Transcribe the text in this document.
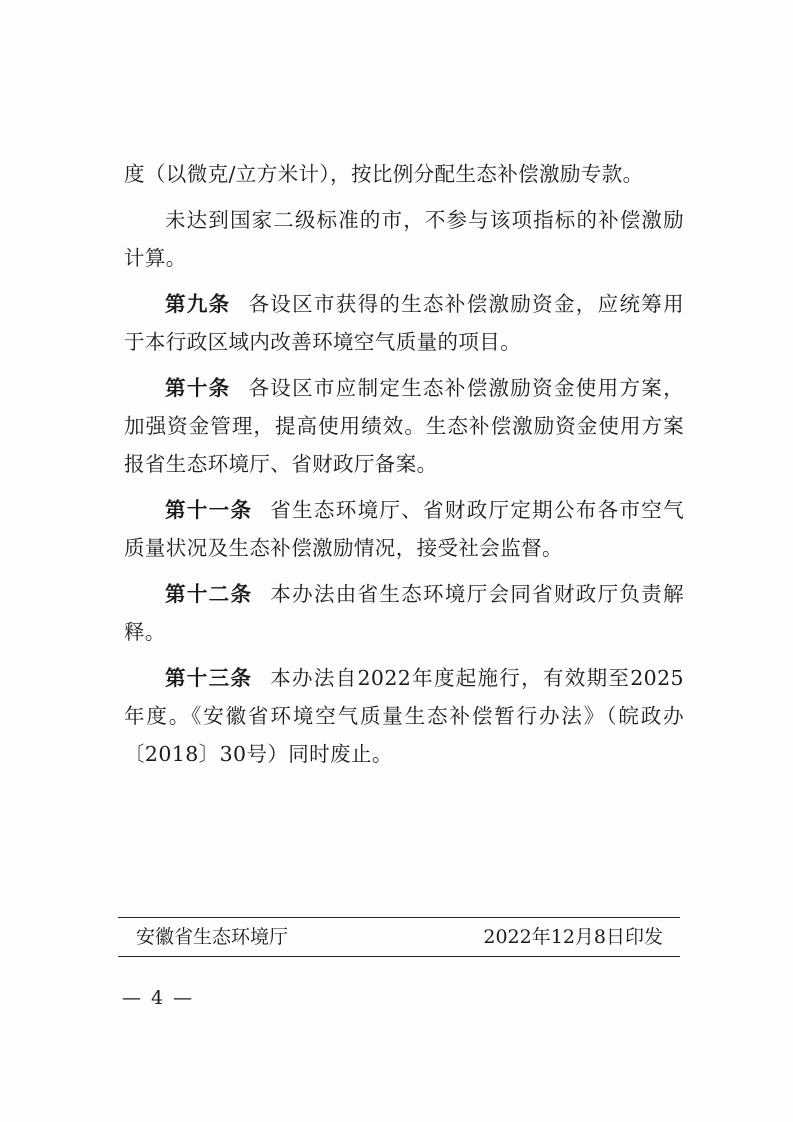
度（以微克/立方米计），按比例分配生态补偿激励专款。

未达到国家二级标准的市，不参与该项指标的补偿激励计算。

第九条 各设区市获得的生态补偿激励资金，应统筹用于本行政区域内改善环境空气质量的项目。

第十条 各设区市应制定生态补偿激励资金使用方案，加强资金管理，提高使用绩效。生态补偿激励资金使用方案报省生态环境厅、省财政厅备案。

第十一条 省生态环境厅、省财政厅定期公布各市空气质量状况及生态补偿激励情况，接受社会监督。

第十二条 本办法由省生态环境厅会同省财政厅负责解释。

第十三条 本办法自2022年度起施行，有效期至2025年度。《安徽省环境空气质量生态补偿暂行办法》（皖政办〔2018〕30号）同时废止。

安徽省生态环境厅	2022年12月8日印发
— 4 —
